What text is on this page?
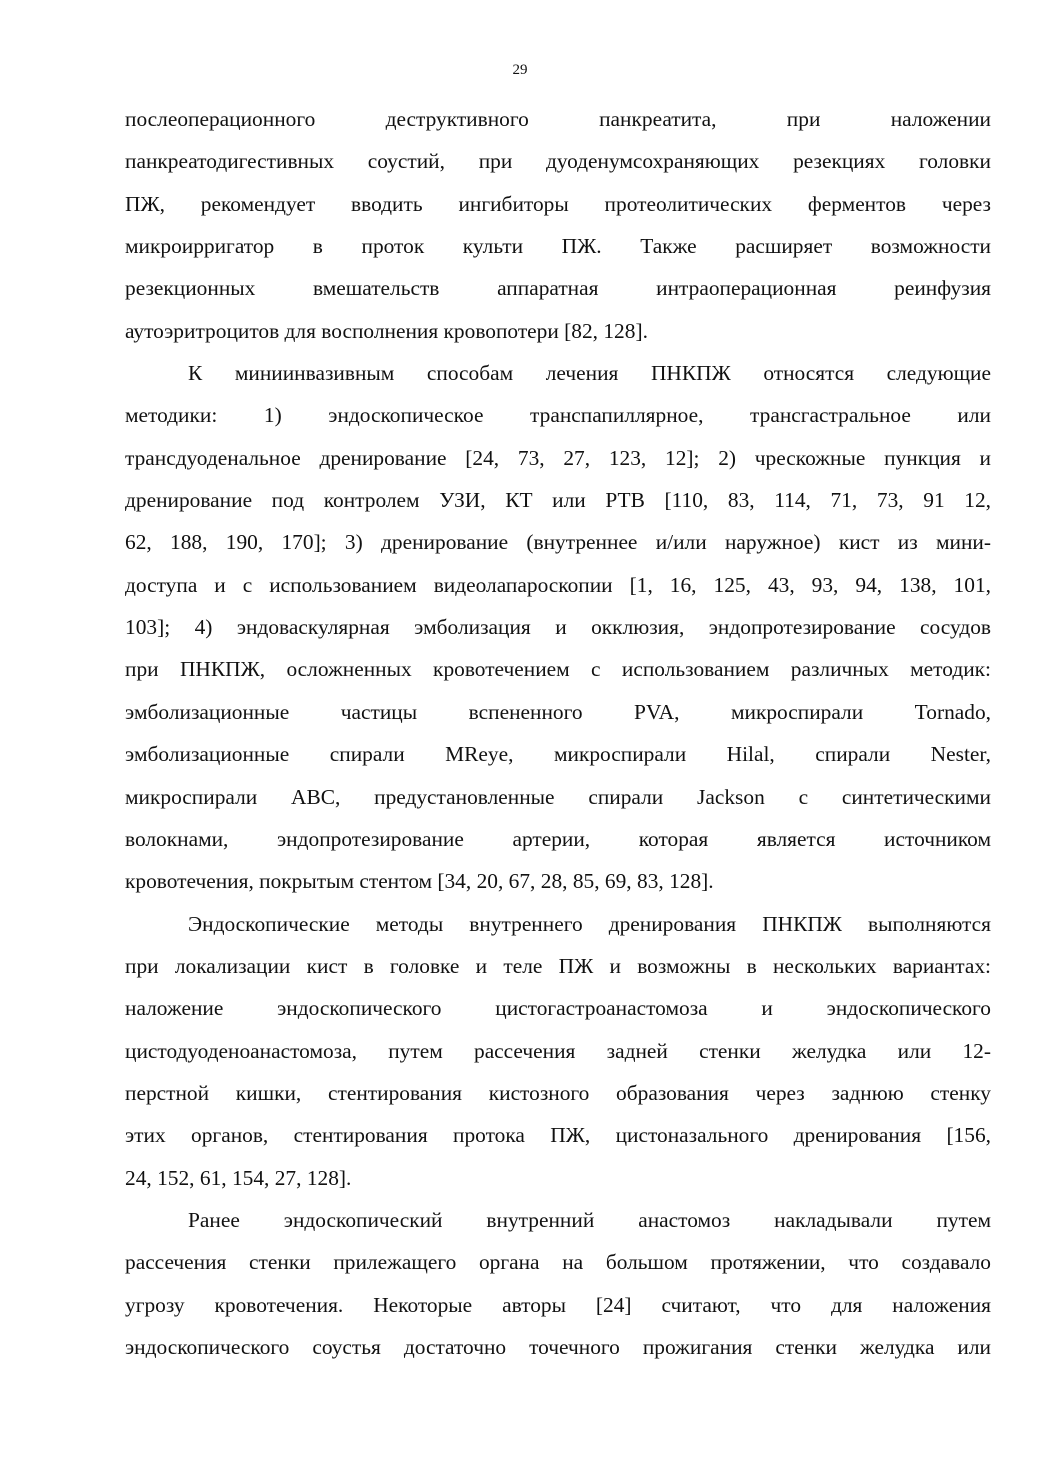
29
послеоперационного деструктивного панкреатита, при наложении
панкреатодигестивных соустий, при дуоденумсохраняющих резекциях головки
ПЖ, рекомендует вводить ингибиторы протеолитических ферментов через
микроирригатор в проток культи ПЖ. Также расширяет возможности
резекционных вмешательств аппаратная интраоперационная реинфузия
аутоэритроцитов для восполнения кровопотери [82, 128].
К миниинвазивным способам лечения ПНКПЖ относятся следующие
методики: 1) эндоскопическое транспапиллярное, трансгастральное или
трансдуоденальное дренирование [24, 73, 27, 123, 12]; 2) чрескожные пункция и
дренирование под контролем УЗИ, КТ или РТВ [110, 83, 114, 71, 73, 91 12,
62, 188, 190, 170]; 3) дренирование (внутреннее и/или наружное) кист из мини-
доступа и с использованием видеолапароскопии [1, 16, 125, 43, 93, 94, 138, 101,
103]; 4) эндоваскулярная эмболизация и окклюзия, эндопротезирование сосудов
при ПНКПЖ, осложненных кровотечением с использованием различных методик:
эмболизационные частицы вспененного PVA, микроспирали Tornado,
эмболизационные спирали MReye, микроспирали Hilal, спирали Nester,
микроспирали ABC, предустановленные спирали Jackson с синтетическими
волокнами, эндопротезирование артерии, которая является источником
кровотечения, покрытым стентом [34, 20, 67, 28, 85, 69, 83, 128].
Эндоскопические методы внутреннего дренирования ПНКПЖ выполняются
при локализации кист в головке и теле ПЖ и возможны в нескольких вариантах:
наложение эндоскопического цистогастроанастомоза и эндоскопического
цистодуоденоанастомоза, путем рассечения задней стенки желудка или 12-
перстной кишки, стентирования кистозного образования через заднюю стенку
этих органов, стентирования протока ПЖ, цистоназального дренирования [156,
24, 152, 61, 154, 27, 128].
Ранее эндоскопический внутренний анастомоз накладывали путем
рассечения стенки прилежащего органа на большом протяжении, что создавало
угрозу кровотечения. Некоторые авторы [24] считают, что для наложения
эндоскопического соустья достаточно точечного прожигания стенки желудка или
